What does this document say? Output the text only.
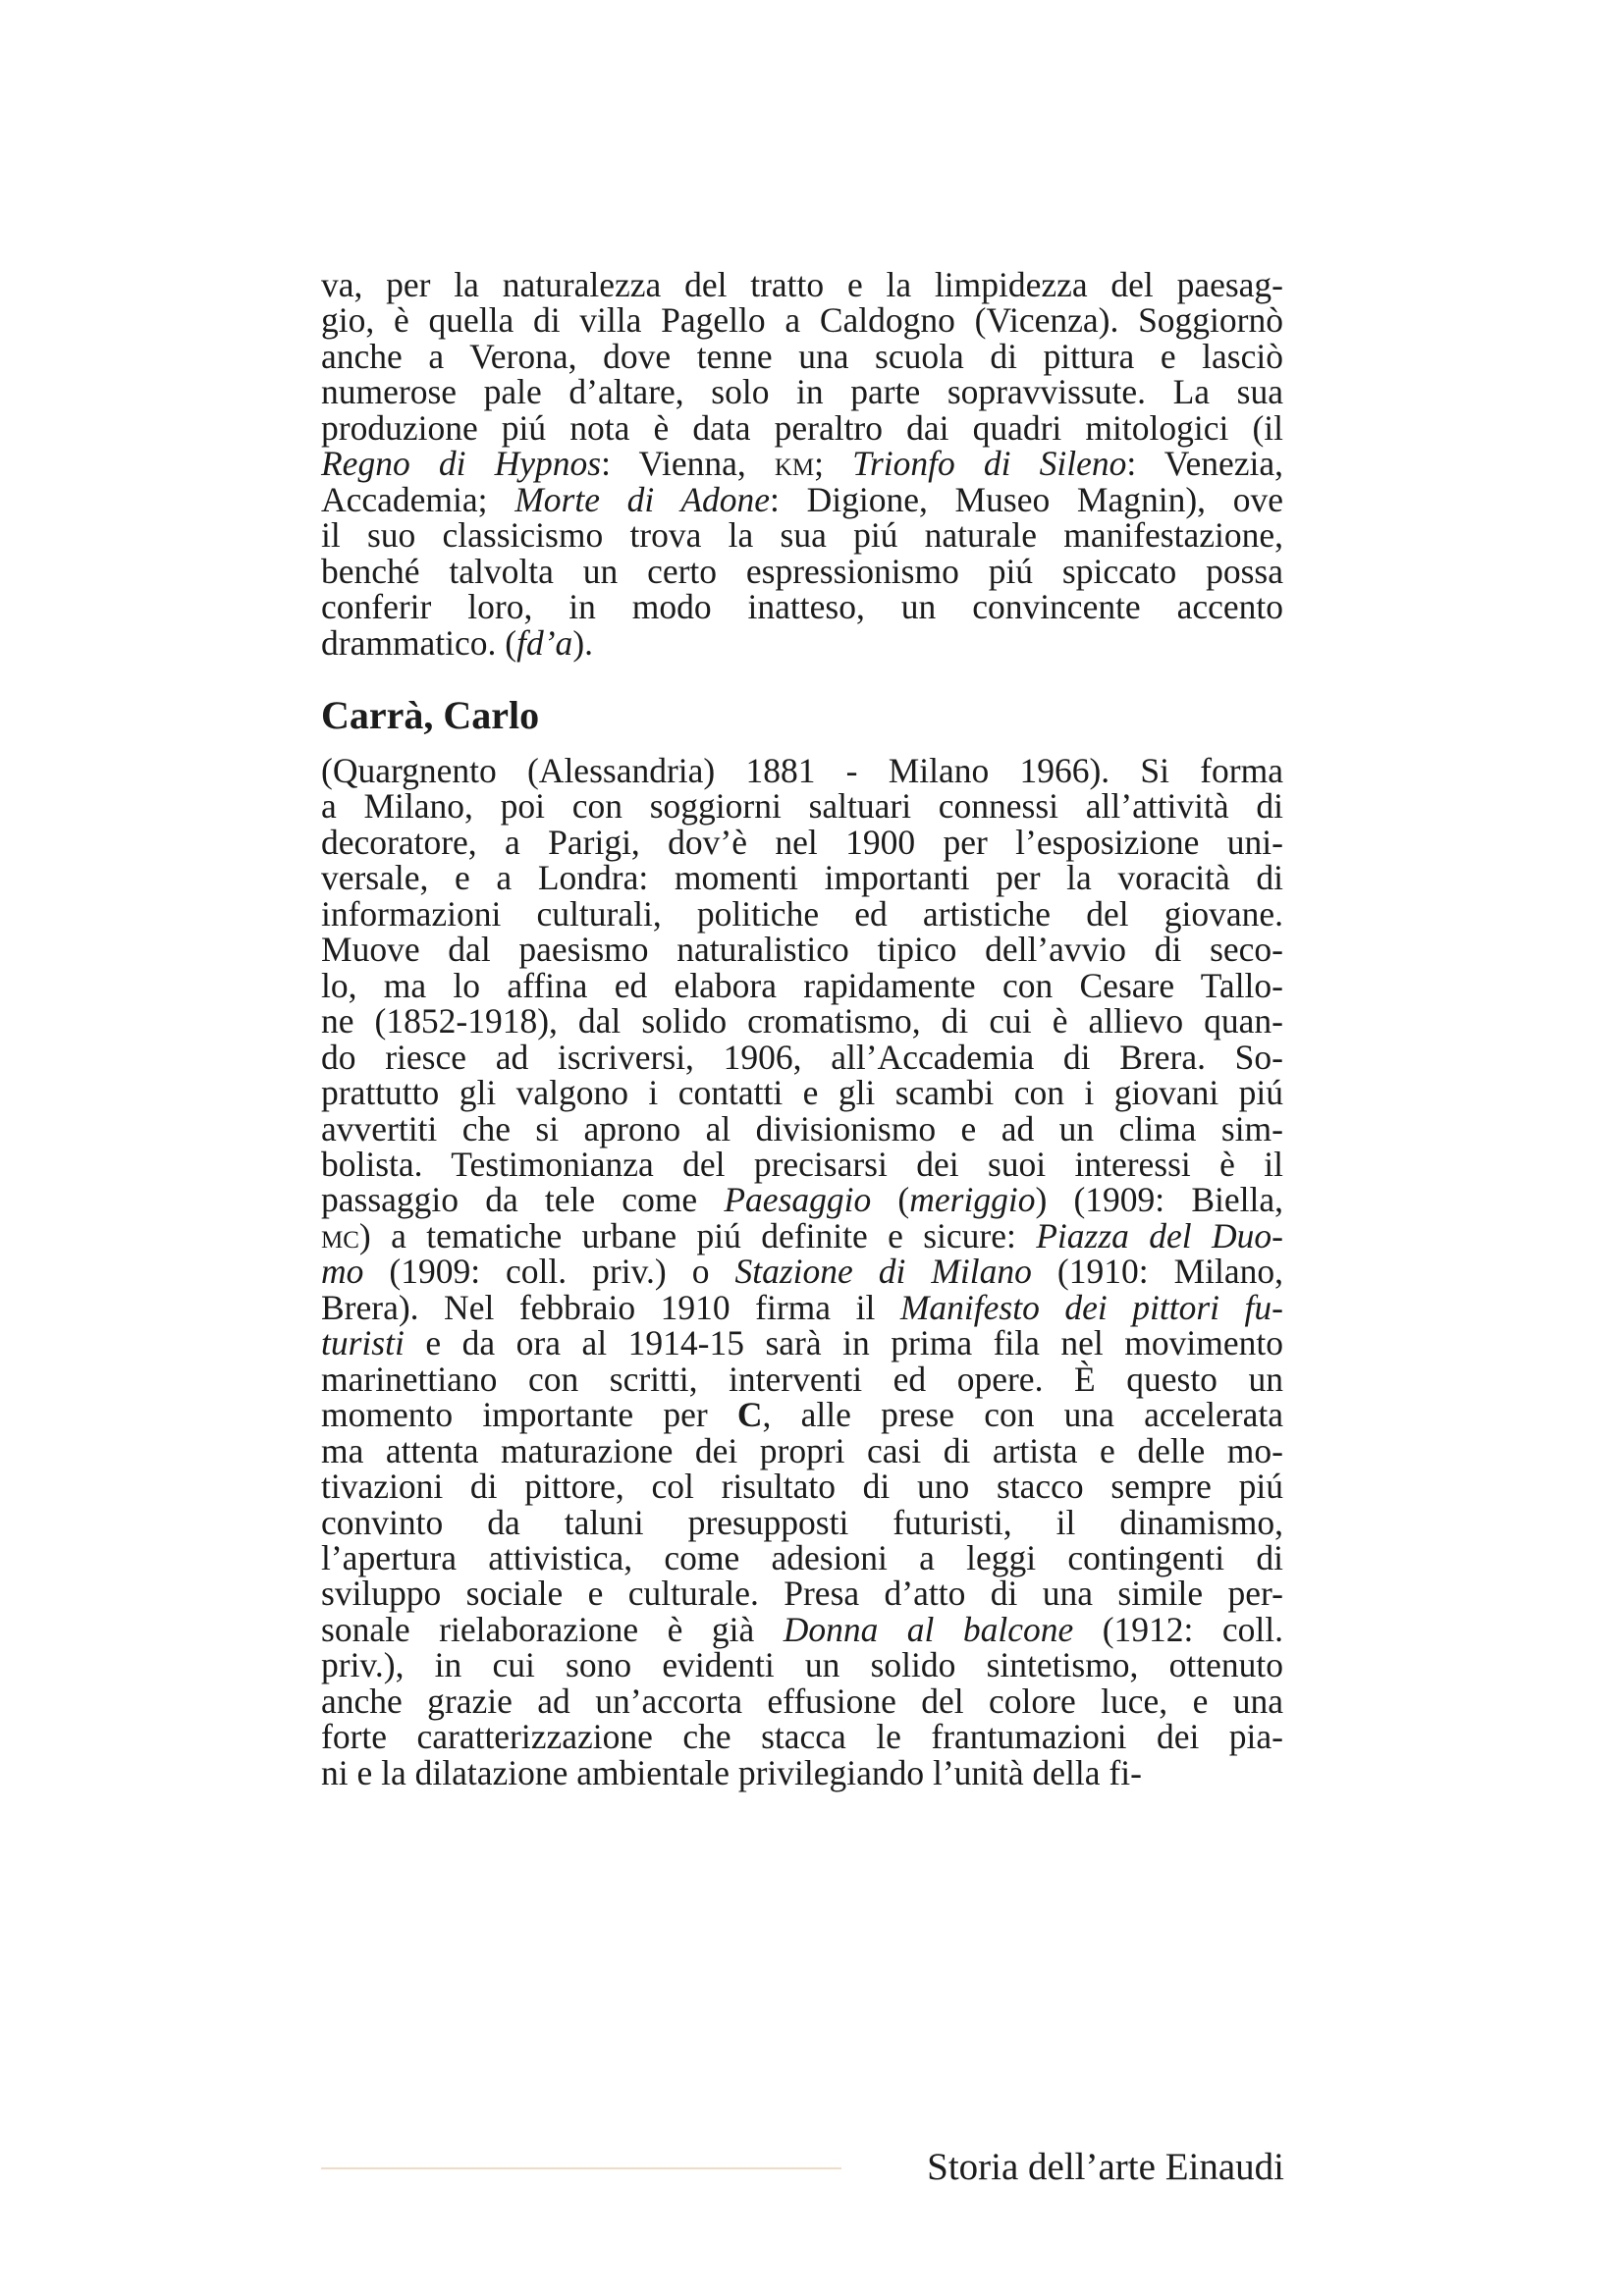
va, per la naturalezza del tratto e la limpidezza del paesag-
gio, è quella di villa Pagello a Caldogno (Vicenza). Soggiornò
anche a Verona, dove tenne una scuola di pittura e lasciò
numerose pale d’altare, solo in parte sopravvissute. La sua
produzione piú nota è data peraltro dai quadri mitologici (il
Regno di Hypnos: Vienna, km; Trionfo di Sileno: Venezia,
Accademia; Morte di Adone: Digione, Museo Magnin), ove
il suo classicismo trova la sua piú naturale manifestazione,
benché talvolta un certo espressionismo piú spiccato possa
conferir loro, in modo inatteso, un convincente accento
drammatico. (fd’a).
Carrà, Carlo
(Quargnento (Alessandria) 1881 - Milano 1966). Si forma
a Milano, poi con soggiorni saltuari connessi all’attività di
decoratore, a Parigi, dov’è nel 1900 per l’esposizione uni-
versale, e a Londra: momenti importanti per la voracità di
informazioni culturali, politiche ed artistiche del giovane.
Muove dal paesismo naturalistico tipico dell’avvio di seco-
lo, ma lo affina ed elabora rapidamente con Cesare Tallo-
ne (1852-1918), dal solido cromatismo, di cui è allievo quan-
do riesce ad iscriversi, 1906, all’Accademia di Brera. So-
prattutto gli valgono i contatti e gli scambi con i giovani piú
avvertiti che si aprono al divisionismo e ad un clima sim-
bolista. Testimonianza del precisarsi dei suoi interessi è il
passaggio da tele come Paesaggio (meriggio) (1909: Biella,
mc) a tematiche urbane piú definite e sicure: Piazza del Duo-
mo (1909: coll. priv.) o Stazione di Milano (1910: Milano,
Brera). Nel febbraio 1910 firma il Manifesto dei pittori fu-
turisti e da ora al 1914-15 sarà in prima fila nel movimento
marinettiano con scritti, interventi ed opere. È questo un
momento importante per C, alle prese con una accelerata
ma attenta maturazione dei propri casi di artista e delle mo-
tivazioni di pittore, col risultato di uno stacco sempre piú
convinto da taluni presupposti futuristi, il dinamismo,
l’apertura attivistica, come adesioni a leggi contingenti di
sviluppo sociale e culturale. Presa d’atto di una simile per-
sonale rielaborazione è già Donna al balcone (1912: coll.
priv.), in cui sono evidenti un solido sintetismo, ottenuto
anche grazie ad un’accorta effusione del colore luce, e una
forte caratterizzazione che stacca le frantumazioni dei pia-
ni e la dilatazione ambientale privilegiando l’unità della fi-
Storia dell’arte Einaudi
